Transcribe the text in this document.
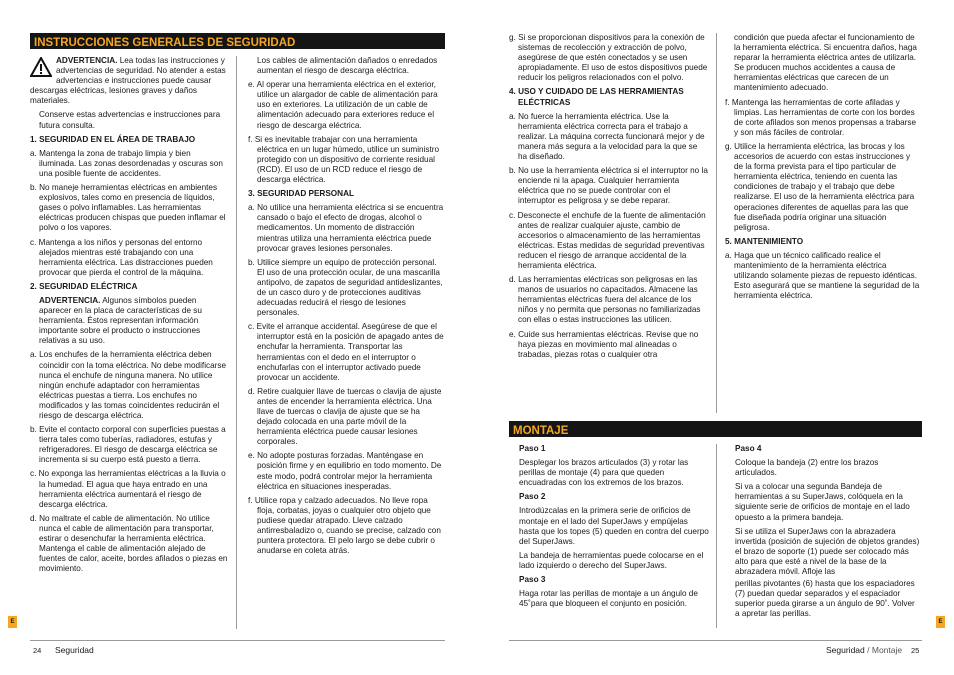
INSTRUCCIONES GENERALES DE SEGURIDAD

ADVERTENCIA. Lea todas las instrucciones y advertencias de seguridad. No atender a estas advertencias e instrucciones puede causar descargas eléctricas, lesiones graves y daños materiales.

Conserve estas advertencias e instrucciones para futura consulta.

1. SEGURIDAD EN EL ÁREA DE TRABAJO

a. Mantenga la zona de trabajo limpia y bien iluminada. Las zonas desordenadas y oscuras son una posible fuente de accidentes.

b. No maneje herramientas eléctricas en ambientes explosivos, tales como en presencia de líquidos, gases o polvo inflamables. Las herramientas eléctricas producen chispas que pueden inflamar el polvo o los vapores.

c. Mantenga a los niños y personas del entorno alejados mientras esté trabajando con una herramienta eléctrica. Las distracciones pueden provocar que pierda el control de la máquina.

2. SEGURIDAD ELÉCTRICA

ADVERTENCIA. Algunos símbolos pueden aparecer en la placa de características de su herramienta. Éstos representan información importante sobre el producto o instrucciones relativas a su uso.

a. Los enchufes de la herramienta eléctrica deben coincidir con la toma eléctrica. No debe modificarse nunca el enchufe de ninguna manera. No utilice ningún enchufe adaptador con herramientas eléctricas puestas a tierra. Los enchufes no modificados y las tomas coincidentes reducirán el riesgo de descarga eléctrica.

b. Evite el contacto corporal con superficies puestas a tierra tales como tuberías, radiadores, estufas y refrigeradores. El riesgo de descarga eléctrica se incrementa si su cuerpo está puesto a tierra.

c. No exponga las herramientas eléctricas a la lluvia o la humedad. El agua que haya entrado en una herramienta eléctrica aumentará el riesgo de descarga eléctrica.

d. No maltrate el cable de alimentación. No utilice nunca el cable de alimentación para transportar, estirar o desenchufar la herramienta eléctrica. Mantenga el cable de alimentación alejado de fuentes de calor, aceite, bordes afilados o piezas en movimiento.

Los cables de alimentación dañados o enredados aumentan el riesgo de descarga eléctrica.

e. Al operar una herramienta eléctrica en el exterior, utilice un alargador de cable de alimentación para uso en exteriores. La utilización de un cable de alimentación adecuado para exteriores reduce el riesgo de descarga eléctrica.

f. Si es inevitable trabajar con una herramienta eléctrica en un lugar húmedo, utilice un suministro protegido con un dispositivo de corriente residual (RCD). El uso de un RCD reduce el riesgo de descarga eléctrica.

3. SEGURIDAD PERSONAL

a. No utilice una herramienta eléctrica si se encuentra cansado o bajo el efecto de drogas, alcohol o medicamentos. Un momento de distracción mientras utiliza una herramienta eléctrica puede provocar graves lesiones personales.

b. Utilice siempre un equipo de protección personal. El uso de una protección ocular, de una mascarilla antipolvo, de zapatos de seguridad antideslizantes, de un casco duro y de protecciones auditivas adecuadas reducirá el riesgo de lesiones personales.

c. Evite el arranque accidental. Asegúrese de que el interruptor está en la posición de apagado antes de enchufar la herramienta. Transportar las herramientas con el dedo en el interruptor o enchufarlas con el interruptor activado puede provocar un accidente.

d. Retire cualquier llave de tuercas o clavija de ajuste antes de encender la herramienta eléctrica. Una llave de tuercas o clavija de ajuste que se ha dejado colocada en una parte móvil de la herramienta eléctrica puede causar lesiones corporales.

e. No adopte posturas forzadas. Manténgase en posición firme y en equilibrio en todo momento. De este modo, podrá controlar mejor la herramienta eléctrica en situaciones inesperadas.

f. Utilice ropa y calzado adecuados. No lleve ropa floja, corbatas, joyas o cualquier otro objeto que pudiese quedar atrapado. Lleve calzado antirresbaladizo o, cuando se precise, calzado con puntera protectora. El pelo largo se debe cubrir o anudarse en coleta atrás.

24 Seguridad
E

g. Si se proporcionan dispositivos para la conexión de sistemas de recolección y extracción de polvo, asegúrese de que estén conectados y se usen apropiadamente. El uso de estos dispositivos puede reducir los peligros relacionados con el polvo.

4. USO Y CUIDADO DE LAS HERRAMIENTAS ELÉCTRICAS

a. No fuerce la herramienta eléctrica. Use la herramienta eléctrica correcta para el trabajo a realizar. La máquina correcta funcionará mejor y de manera más segura a la velocidad para la que se ha diseñado.

b. No use la herramienta eléctrica si el interruptor no la enciende ni la apaga. Cualquier herramienta eléctrica que no se puede controlar con el interruptor es peligrosa y se debe reparar.

c. Desconecte el enchufe de la fuente de alimentación antes de realizar cualquier ajuste, cambio de accesorios o almacenamiento de las herramientas eléctricas. Estas medidas de seguridad preventivas reducen el riesgo de arranque accidental de la herramienta eléctrica.

d. Las herramientas eléctricas son peligrosas en las manos de usuarios no capacitados. Almacene las herramientas eléctricas fuera del alcance de los niños y no permita que personas no familiarizadas con ellas o estas instrucciones las utilicen.

e. Cuide sus herramientas eléctricas. Revise que no haya piezas en movimiento mal alineadas o trabadas, piezas rotas o cualquier otra

condición que pueda afectar el funcionamiento de la herramienta eléctrica. Si encuentra daños, haga reparar la herramienta eléctrica antes de utilizarla. Se producen muchos accidentes a causa de herramientas eléctricas que carecen de un mantenimiento adecuado.

f. Mantenga las herramientas de corte afiladas y limpias. Las herramientas de corte con los bordes de corte afilados son menos propensas a trabarse y son más fáciles de controlar.

g. Utilice la herramienta eléctrica, las brocas y los accesorios de acuerdo con estas instrucciones y de la forma prevista para el tipo particular de herramienta eléctrica, teniendo en cuenta las condiciones de trabajo y el trabajo que debe realizarse. El uso de la herramienta eléctrica para operaciones diferentes de aquellas para las que fue diseñada podría originar una situación peligrosa.

5. MANTENIMIENTO

a. Haga que un técnico calificado realice el mantenimiento de la herramienta eléctrica utilizando solamente piezas de repuesto idénticas. Esto asegurará que se mantiene la seguridad de la herramienta eléctrica.

MONTAJE

Paso 1

Desplegar los brazos articulados (3) y rotar las perillas de montaje (4) para que queden encuadradas con los extremos de los brazos.

Paso 2

Introdúzcalas en la primera serie de orificios de montaje en el lado del SuperJaws y empújelas hasta que los topes (5) queden en contra del cuerpo del SuperJaws.

La bandeja de herramientas puede colocarse en el lado izquierdo o derecho del SuperJaws.

Paso 3

Haga rotar las perillas de montaje a un ángulo de 45˚para que bloqueen el conjunto en posición.

Paso 4

Coloque la bandeja (2) entre los brazos articulados.

Si va a colocar una segunda Bandeja de herramientas a su SuperJaws, colóquela en la siguiente serie de orificios de montaje en el lado opuesto a la primera bandeja.

Si se utiliza el SuperJaws con la abrazadera invertida (posición de sujeción de objetos grandes) el brazo de soporte (1) puede ser colocado más alto para que esté a nivel de la base de la abrazadera móvil. Afloje las

perillas pivotantes (6) hasta que los espaciadores (7) puedan quedar separados y el espaciador superior pueda girarse a un ángulo de 90˚. Volver a apretar las perillas.

Seguridad / Montaje 25
E
